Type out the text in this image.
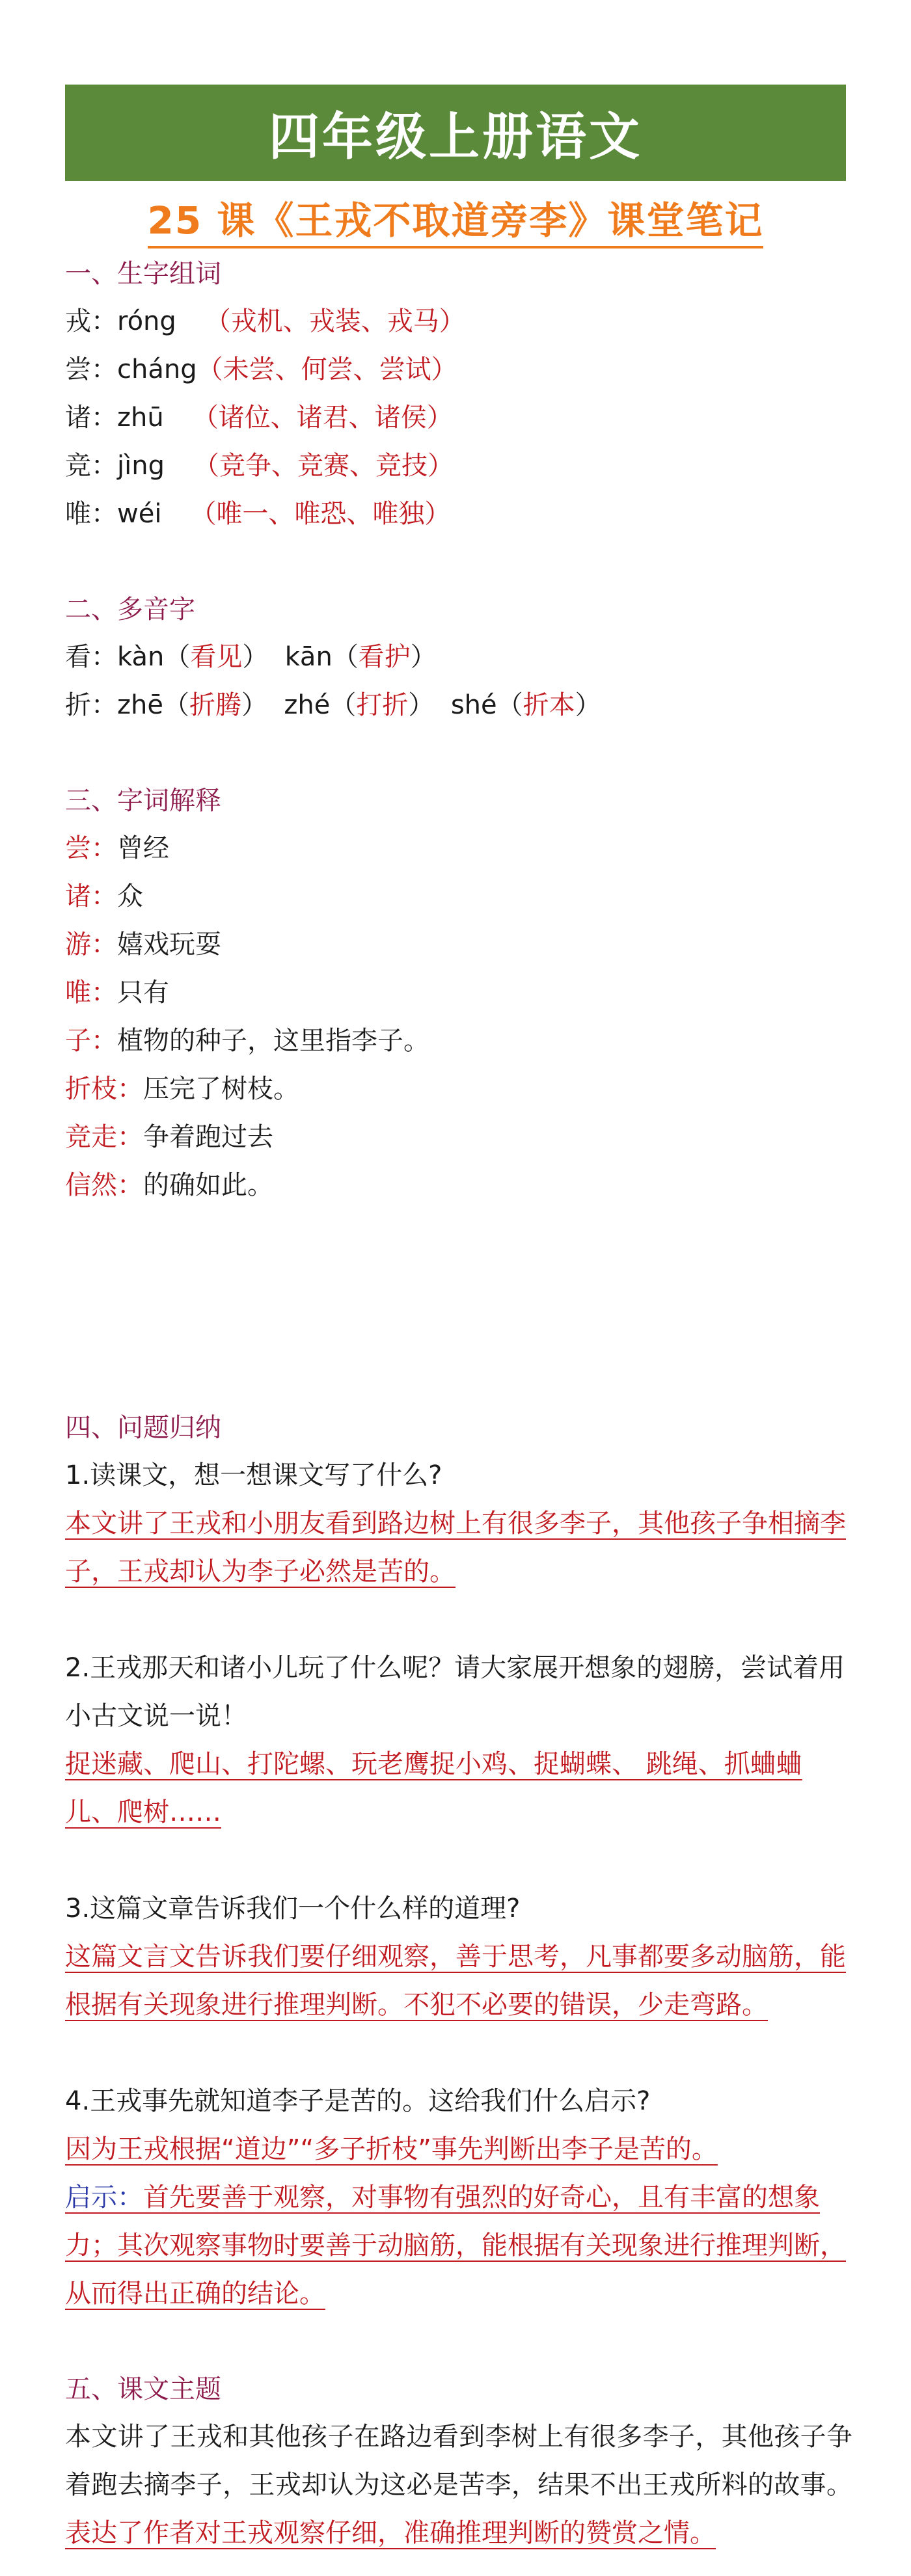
四年级上册语文
25 课《王戎不取道旁李》课堂笔记
一、生字组词
戎：róng （戎机、戎装、戎马）
尝：cháng（未尝、何尝、尝试）
诸：zhū （诸位、诸君、诸侯）
竞：jìng （竞争、竞赛、竞技）
唯：wéi （唯一、唯恐、唯独）
二、多音字
看：kàn（看见）  kān（看护）
折：zhē（折腾）  zhé（打折）  shé（折本）
三、字词解释
尝：曾经
诸：众
游：嬉戏玩耍
唯：只有
子：植物的种子，这里指李子。
折枝：压完了树枝。
竞走：争着跑过去
信然：的确如此。
四、问题归纳
1.读课文，想一想课文写了什么?
本文讲了王戎和小朋友看到路边树上有很多李子，其他孩子争相摘李子，王戎却认为李子必然是苦的。
2.王戎那天和诸小儿玩了什么呢？请大家展开想象的翅膀，尝试着用小古文说一说！
捉迷藏、爬山、打陀螺、玩老鹰捉小鸡、捉蝴蝶、 跳绳、抓蛐蛐儿、爬树……
3.这篇文章告诉我们一个什么样的道理?
这篇文言文告诉我们要仔细观察，善于思考，凡事都要多动脑筋，能根据有关现象进行推理判断。不犯不必要的错误，少走弯路。
4.王戎事先就知道李子是苦的。这给我们什么启示?
因为王戎根据“道边”“多子折枝”事先判断出李子是苦的。
启示：首先要善于观察，对事物有强烈的好奇心，且有丰富的想象力；其次观察事物时要善于动脑筋，能根据有关现象进行推理判断，从而得出正确的结论。
五、课文主题
本文讲了王戎和其他孩子在路边看到李树上有很多李子，其他孩子争着跑去摘李子，王戎却认为这必是苦李，结果不出王戎所料的故事。表达了作者对王戎观察仔细，准确推理判断的赞赏之情。
